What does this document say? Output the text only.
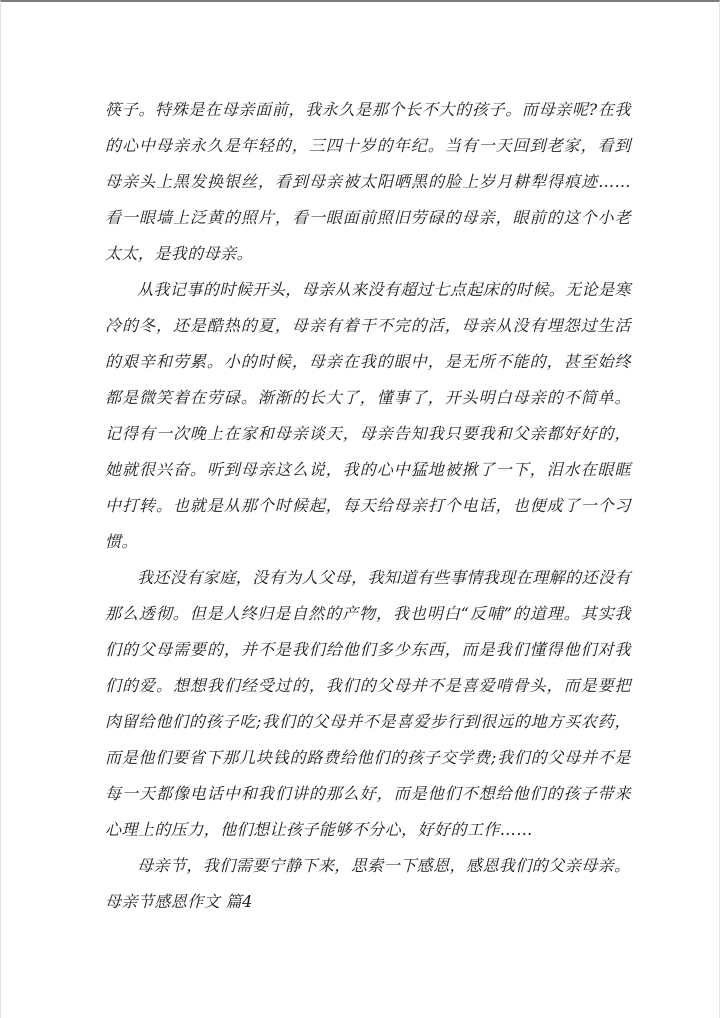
筷子。特殊是在母亲面前，我永久是那个长不大的孩子。而母亲呢?在我的心中母亲永久是年轻的，三四十岁的年纪。当有一天回到老家，看到母亲头上黑发换银丝，看到母亲被太阳晒黑的脸上岁月耕犁得痕迹……看一眼墙上泛黄的照片，看一眼面前照旧劳碌的母亲，眼前的这个小老太太，是我的母亲。

从我记事的时候开头，母亲从来没有超过七点起床的时候。无论是寒冷的冬，还是酷热的夏，母亲有着干不完的活，母亲从没有埋怨过生活的艰辛和劳累。小的时候，母亲在我的眼中，是无所不能的，甚至始终都是微笑着在劳碌。渐渐的长大了，懂事了，开头明白母亲的不简单。记得有一次晚上在家和母亲谈天，母亲告知我只要我和父亲都好好的，她就很兴奋。听到母亲这么说，我的心中猛地被揪了一下，泪水在眼眶中打转。也就是从那个时候起，每天给母亲打个电话，也便成了一个习惯。

我还没有家庭，没有为人父母，我知道有些事情我现在理解的还没有那么透彻。但是人终归是自然的产物，我也明白“反哺”的道理。其实我们的父母需要的，并不是我们给他们多少东西，而是我们懂得他们对我们的爱。想想我们经受过的，我们的父母并不是喜爱啃骨头，而是要把肉留给他们的孩子吃;我们的父母并不是喜爱步行到很远的地方买农药，而是他们要省下那几块钱的路费给他们的孩子交学费;我们的父母并不是每一天都像电话中和我们讲的那么好，而是他们不想给他们的孩子带来心理上的压力，他们想让孩子能够不分心，好好的工作……

母亲节，我们需要宁静下来，思索一下感恩，感恩我们的父亲母亲。

母亲节感恩作文 篇4
